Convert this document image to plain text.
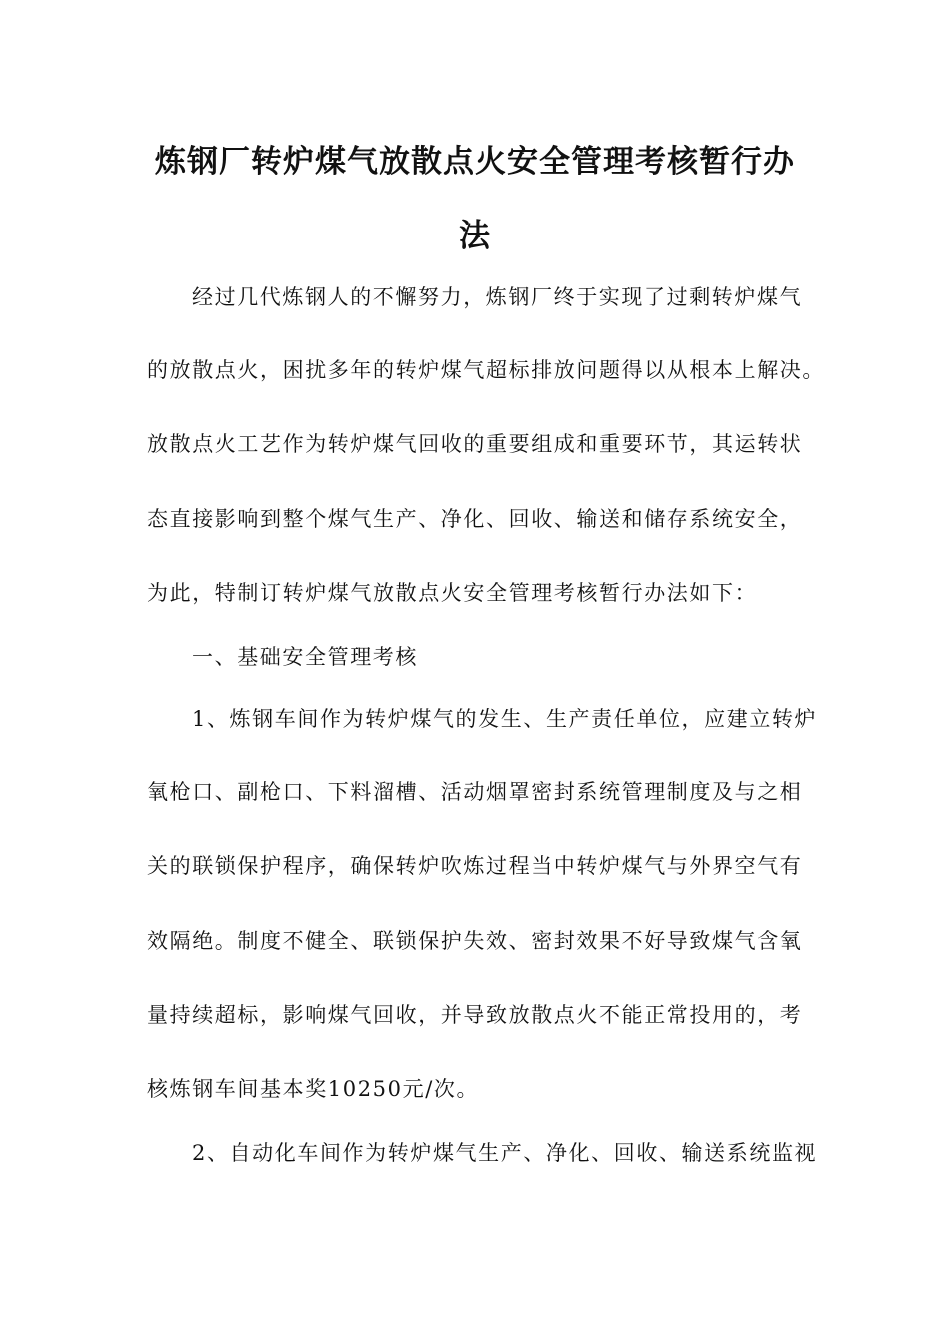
炼钢厂转炉煤气放散点火安全管理考核暂行办
法
经过几代炼钢人的不懈努力，炼钢厂终于实现了过剩转炉煤气
的放散点火，困扰多年的转炉煤气超标排放问题得以从根本上解决。
放散点火工艺作为转炉煤气回收的重要组成和重要环节，其运转状
态直接影响到整个煤气生产、净化、回收、输送和储存系统安全，
为此，特制订转炉煤气放散点火安全管理考核暂行办法如下：
一、基础安全管理考核
1、炼钢车间作为转炉煤气的发生、生产责任单位，应建立转炉
氧枪口、副枪口、下料溜槽、活动烟罩密封系统管理制度及与之相
关的联锁保护程序，确保转炉吹炼过程当中转炉煤气与外界空气有
效隔绝。制度不健全、联锁保护失效、密封效果不好导致煤气含氧
量持续超标，影响煤气回收，并导致放散点火不能正常投用的，考
核炼钢车间基本奖10250元/次。
2、自动化车间作为转炉煤气生产、净化、回收、输送系统监视
